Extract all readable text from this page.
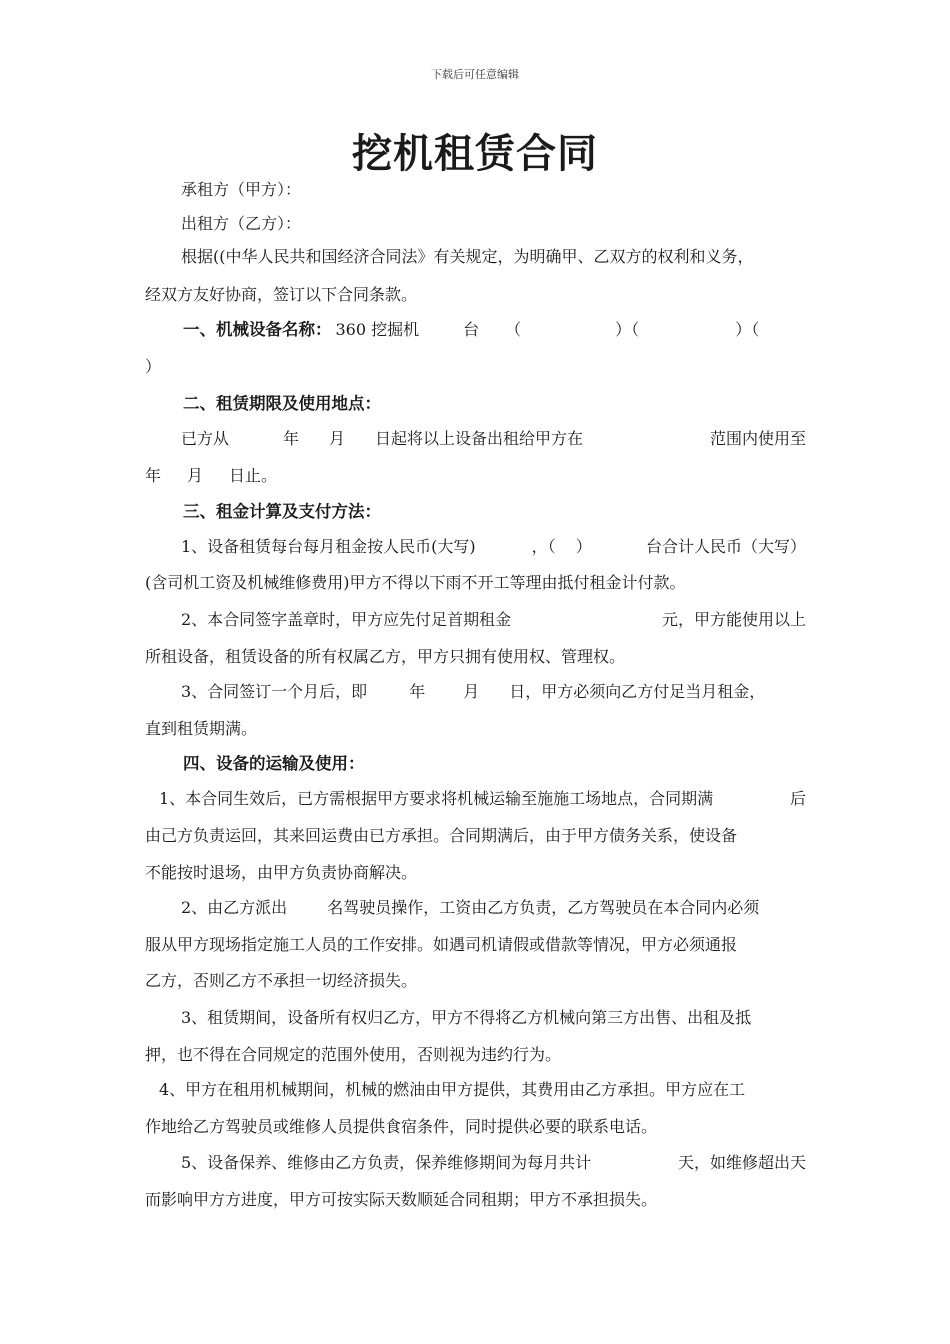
下载后可任意编辑
挖机租赁合同
承租方（甲方）：
出租方（乙方）：
根据((中华人民共和国经济合同法》有关规定，为明确甲、乙双方的权利和义务，
经双方友好协商，签订以下合同条款。
一、机械设备名称： 360 挖掘机	台 （	）（	）（
）
二、租赁期限及使用地点：
已方从	年 月 日起将以上设备出租给甲方在	范围内使用至
年 月 日止。
三、租金计算及支付方法：
1、设备租赁每台每月租金按人民币(大写)	，（ ）	台合计人民币（大写）
(含司机工资及机械维修费用)甲方不得以下雨不开工等理由抵付租金计付款。
2、本合同签字盖章时，甲方应先付足首期租金	元，甲方能使用以上
所租设备，租赁设备的所有权属乙方，甲方只拥有使用权、管理权。
3、合同签订一个月后，即	年 月 日，甲方必须向乙方付足当月租金，
直到租赁期满。
四、设备的运输及使用：
1、本合同生效后，已方需根据甲方要求将机械运输至施施工场地点，合同期满	后
由己方负责运回，其来回运费由已方承担。合同期满后，由于甲方债务关系，使设备
不能按时退场，由甲方负责协商解决。
2、由乙方派出	名驾驶员操作，工资由乙方负责，乙方驾驶员在本合同内必须
服从甲方现场指定施工人员的工作安排。如遇司机请假或借款等情况，甲方必须通报
乙方，否则乙方不承担一切经济损失。
3、租赁期间，设备所有权归乙方，甲方不得将乙方机械向第三方出售、出租及抵
押，也不得在合同规定的范围外使用，否则视为违约行为。
4、甲方在租用机械期间，机械的燃油由甲方提供，其费用由乙方承担。甲方应在工
作地给乙方驾驶员或维修人员提供食宿条件，同时提供必要的联系电话。
5、设备保养、维修由乙方负责，保养维修期间为每月共计	天，如维修超出天
而影响甲方方进度，甲方可按实际天数顺延合同租期；甲方不承担损失。
